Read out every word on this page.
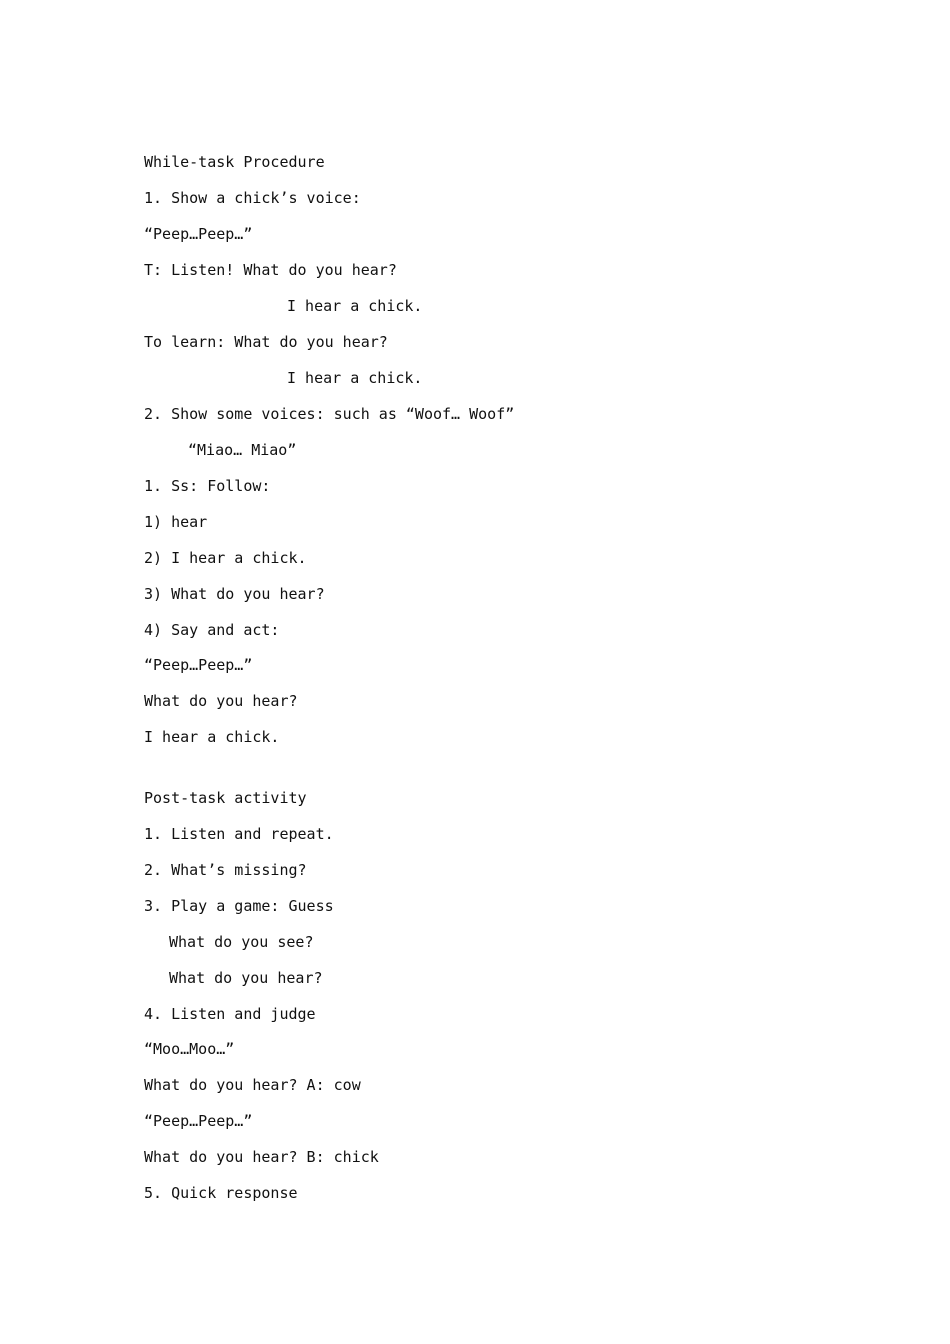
While-task Procedure
1. Show a chick’s voice:
“Peep…Peep…”
T: Listen! What do you hear?
I hear a chick.
To learn: What do you hear?
I hear a chick.
2. Show some voices: such as “Woof… Woof”
“Miao… Miao”
1. Ss: Follow:
1) hear
2) I hear a chick.
3) What do you hear?
4) Say and act:
“Peep…Peep…”
What do you hear?
I hear a chick.
Post-task activity
1. Listen and repeat.
2. What’s missing?
3. Play a game: Guess
What do you see?
What do you hear?
4. Listen and judge
“Moo…Moo…”
What do you hear? A: cow
“Peep…Peep…”
What do you hear? B: chick
5. Quick response
